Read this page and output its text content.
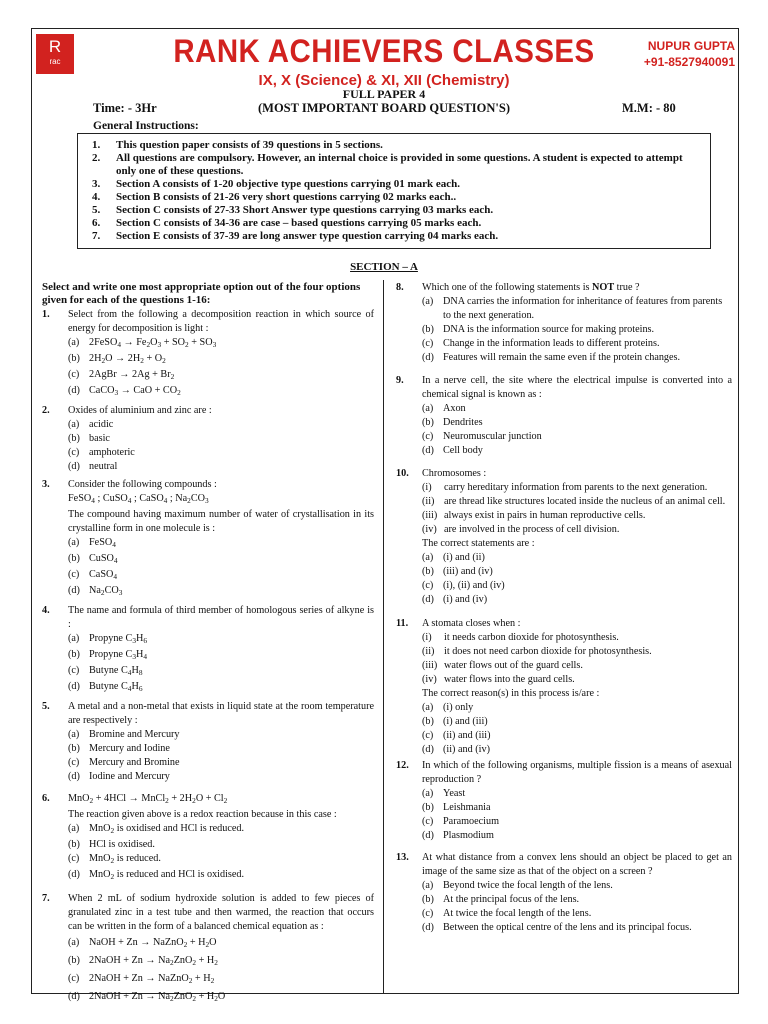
R
rac	RANK ACHIEVERS CLASSES	NUPUR GUPTA
+91-8527940091
IX, X (Science) & XI, XII (Chemistry)
FULL PAPER 4
Time: - 3Hr	(MOST IMPORTANT BOARD QUESTION'S)	M.M: - 80
General Instructions:
1.	This question paper consists of 39 questions in 5 sections.
2.	All questions are compulsory. However, an internal choice is provided in some questions. A student is expected to attempt only one of these questions.
3.	Section A consists of 1-20 objective type questions carrying 01 mark each.
4.	Section B consists of 21-26 very short questions carrying 02 marks each..
5.	Section C consists of 27-33 Short Answer type questions carrying 03 marks each.
6.	Section C consists of 34-36 are case – based questions carrying 05 marks each.
7.	Section E consists of 37-39 are long answer type question carrying 04 marks each.
SECTION – A
Select and write one most appropriate option out of the four options given for each of the questions 1-16:
1.	Select from the following a decomposition reaction in which source of energy for decomposition is light :
(a) 2FeSO$_4$ → $Fe_2O_3 + SO_2 + SO_3$
(b) $2H_2O \to 2H_2 + O_2$
(c) 2AgBr → $2Ag + Br_2$
(d) CaCO$_3$ → CaO + $CO_2$
2.	Oxides of aluminium and zinc are :
(a) acidic
(b) basic
(c) amphoteric
(d) neutral
3.	Consider the following compounds :
FeSO$_4$ ; CuSO$_4$ ; CaSO$_4$ ; $Na_2CO_3$
The compound having maximum number of water of crystallisation in its crystalline form in one molecule is :
(a) FeSO$_4$
(b) CuSO$_4$
(c) CaSO$_4$
(d) $Na_2CO_3$
4.	The name and formula of third member of homologous series of alkyne is :
(a) Propyne $C_3H_6$
(b) Propyne $C_3H_4$
(c) Butyne $C_4H_8$
(d) Butyne $C_4H_6$
5.	A metal and a non-metal that exists in liquid state at the room temperature are respectively :
(a) Bromine and Mercury
(b) Mercury and Iodine
(c) Mercury and Bromine
(d) Iodine and Mercury
6.	MnO$_2$ + 4HCl → MnCl$_2$ + $2H_2O + Cl_2$
The reaction given above is a redox reaction because in this case :
(a) MnO$_2$ is oxidised and HCl is reduced.
(b) HCl is oxidised.
(c) MnO$_2$ is reduced.
(d) MnO$_2$ is reduced and HCl is oxidised.
7.	When 2 mL of sodium hydroxide solution is added to few pieces of granulated zinc in a test tube and then warmed, the reaction that occurs can be written in the form of a balanced chemical equation as :
(a) NaOH + Zn → NaZnO$_2$ + $H_2O$
(b) 2NaOH + $Zn \to Na_2ZnO_2 + H_2$
(c) 2NaOH + Zn → NaZnO$_2$ + $H_2$
(d) 2NaOH + $Zn \to Na_2ZnO_2 + H_2O$
8.	Which one of the following statements is NOT true ?
(a) DNA carries the information for inheritance of features from parents to the next generation.
(b) DNA is the information source for making proteins.
(c) Change in the information leads to different proteins.
(d) Features will remain the same even if the protein changes.
9.	In a nerve cell, the site where the electrical impulse is converted into a chemical signal is known as :
(a) Axon
(b) Dendrites
(c) Neuromuscular junction
(d) Cell body
10.	Chromosomes :
(i)	carry hereditary information from parents to the next generation.
(ii) are thread like structures located inside the nucleus of an animal cell.
(iii) always exist in pairs in human reproductive cells.
(iv) are involved in the process of cell division.
The correct statements are :
(a) (i) and (ii)
(b) (iii) and (iv)
(c) (i), (ii) and (iv)
(d) (i) and (iv)
11.	A stomata closes when :
(i)	it needs carbon dioxide for photosynthesis.
(ii) it does not need carbon dioxide for photosynthesis.
(iii) water flows out of the guard cells.
(iv) water flows into the guard cells.
The correct reason(s) in this process is/are :
(a) (i) only
(b) (i) and (iii)
(c) (ii) and (iii)
(d) (ii) and (iv)
12.	In which of the following organisms, multiple fission is a means of asexual reproduction ?
(a) Yeast
(b) Leishmania
(c) Paramoecium
(d) Plasmodium
13.	At what distance from a convex lens should an object be placed to get an image of the same size as that of the object on a screen ?
(a) Beyond twice the focal length of the lens.
(b) At the principal focus of the lens.
(c) At twice the focal length of the lens.
(d) Between the optical centre of the lens and its principal focus.
